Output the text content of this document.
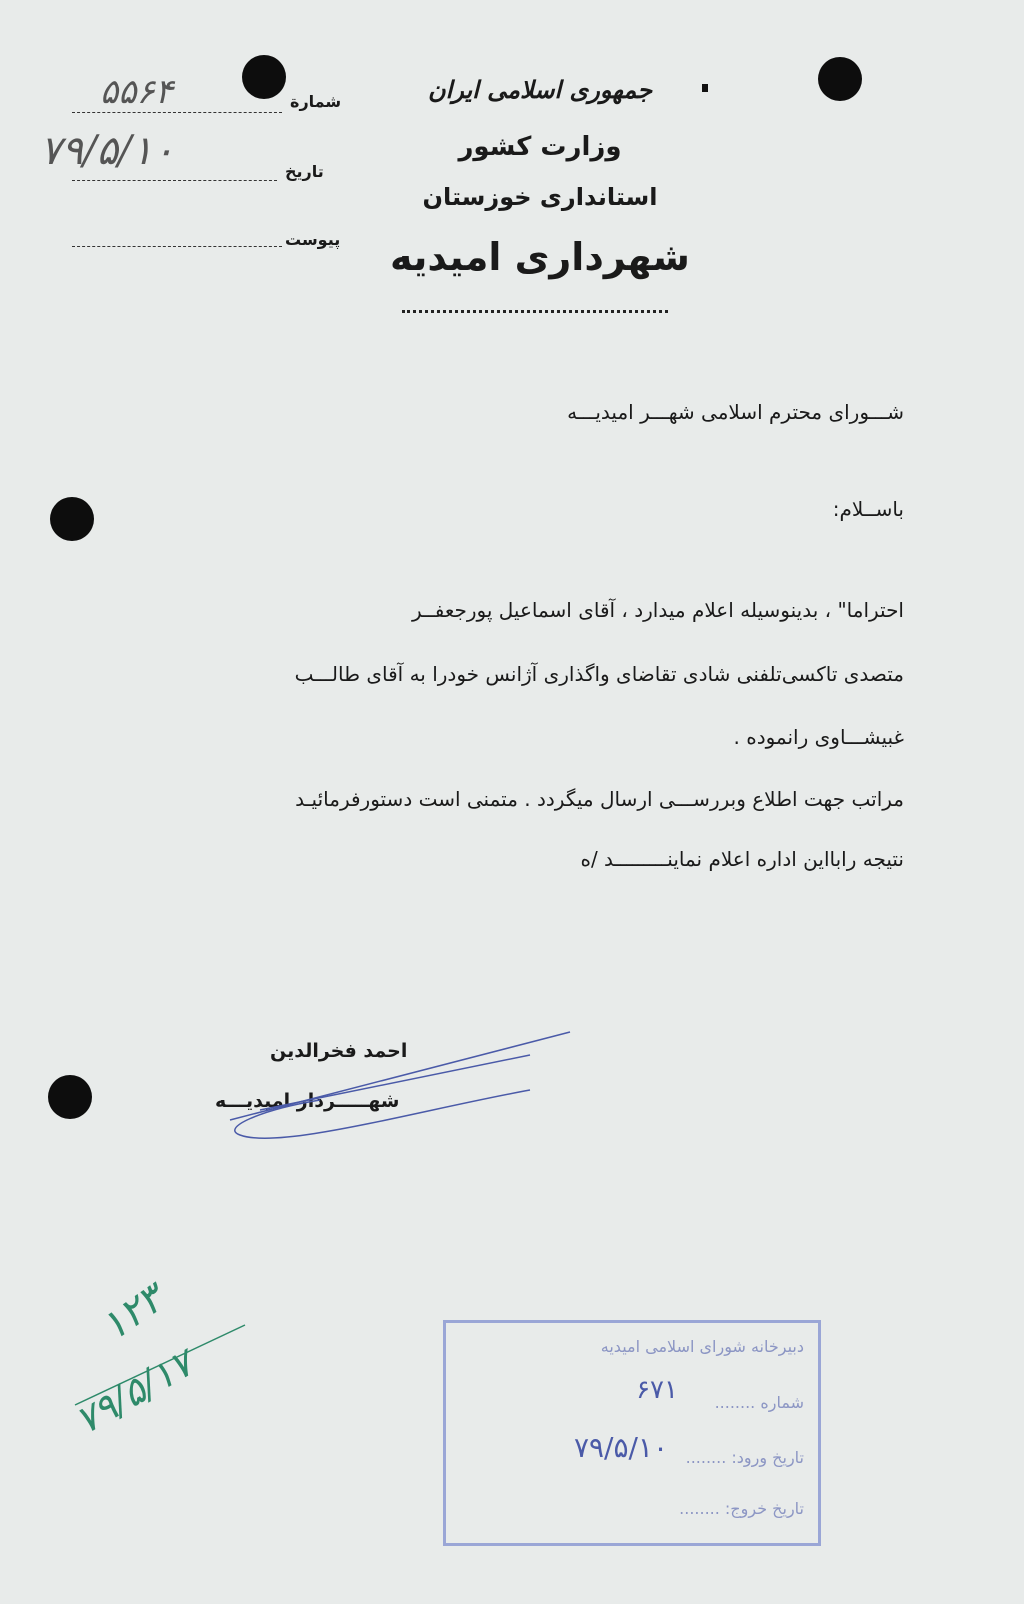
جمهوری اسلامی ایران
وزارت کشور
استانداری خوزستان
شهرداری امیدیه
شمارة
۵۵۶۴
تاریخ
۷۹/۵/۱۰
پیوست
شـــورای محترم اسلامی شهـــر امیدیـــه
باســلام:
احتراما" ، بدینوسیله اعلام میدارد ، آقای اسماعیل پورجعفــر
متصدی تاکسی‌تلفنی شادی تقاضای واگذاری آژانس خودرا به آقای طالـــب
غبیشـــاوی رانموده .
مراتب جهت اطلاع وبررســـی ارسال میگردد . متمنی است دستورفرمائیـد
نتیجه رابااین اداره اعلام نماینـــــــــد /ه
احمد فخرالدین
شهـــــردار امیدیـــه
۱۲۳
۷۹/۵/۱۷	دبیرخانه شورای اسلامی امیدیه
شماره ........
۶۷۱
تاریخ ورود: ........
۷۹/۵/۱۰
تاریخ خروج: ........
